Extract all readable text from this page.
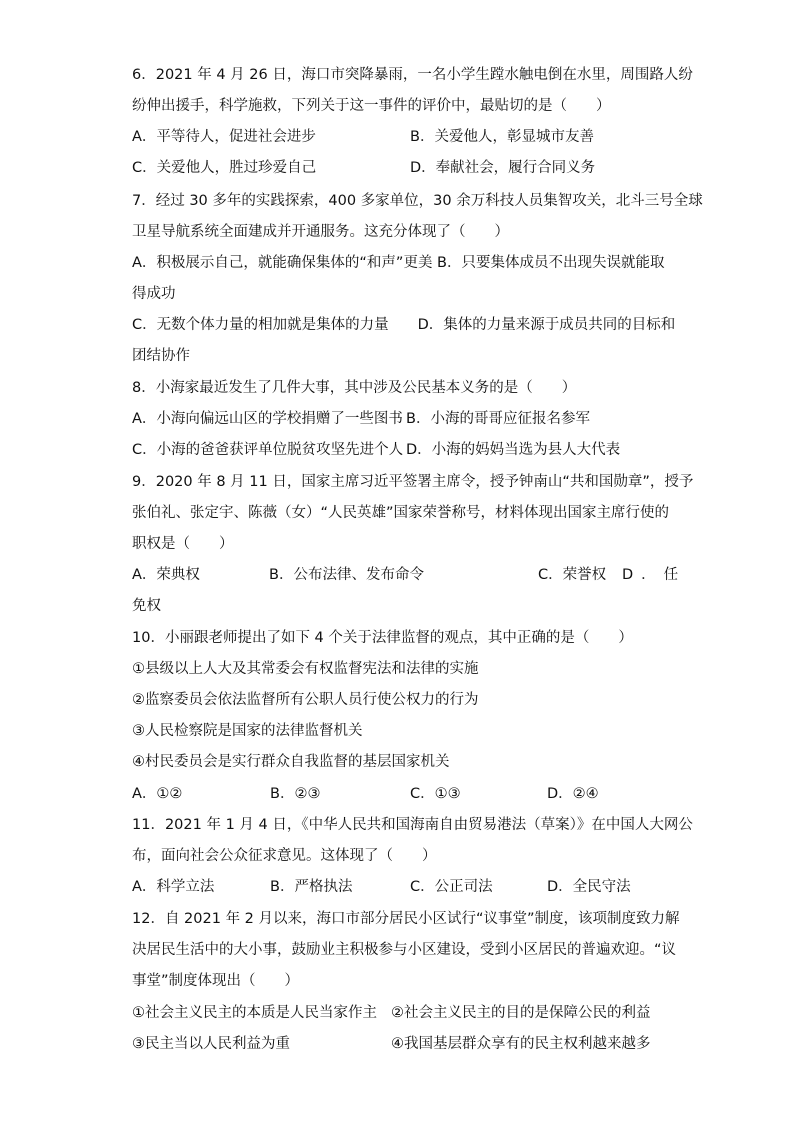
6．2021 年 4 月 26 日，海口市突降暴雨，一名小学生蹚水触电倒在水里，周围路人纷
纷伸出援手，科学施救，下列关于这一事件的评价中，最贴切的是（　　）
A．平等待人，促进社会进步	B．关爱他人，彰显城市友善
C．关爱他人，胜过珍爱自己	D．奉献社会，履行合同义务
7．经过 30 多年的实践探索，400 多家单位，30 余万科技人员集智攻关，北斗三号全球
卫星导航系统全面建成并开通服务。这充分体现了（　　）
A．积极展示自己，就能确保集体的“和声”更美 B．只要集体成员不出现失误就能取
得成功
C．无数个体力量的相加就是集体的力量　　D．集体的力量来源于成员共同的目标和
团结协作
8．小海家最近发生了几件大事，其中涉及公民基本义务的是（　　）
A．小海向偏远山区的学校捐赠了一些图书 B．小海的哥哥应征报名参军
C．小海的爸爸获评单位脱贫攻坚先进个人 D．小海的妈妈当选为县人大代表
9．2020 年 8 月 11 日，国家主席习近平签署主席令，授予钟南山“共和国勋章”，授予
张伯礼、张定宇、陈薇（女）“人民英雄”国家荣誉称号，材料体现出国家主席行使的
职权是（　　）
A．荣典权	B．公布法律、发布命令	C．荣誉权 D．任
免权
10．小丽跟老师提出了如下 4 个关于法律监督的观点，其中正确的是（　　）
①县级以上人大及其常委会有权监督宪法和法律的实施
②监察委员会依法监督所有公职人员行使公权力的行为
③人民检察院是国家的法律监督机关
④村民委员会是实行群众自我监督的基层国家机关
A．①②	B．②③	C．①③	D．②④
11．2021 年 1 月 4 日，《中华人民共和国海南自由贸易港法（草案）》在中国人大网公
布，面向社会公众征求意见。这体现了（　　）
A．科学立法	B．严格执法	C．公正司法	D．全民守法
12．自 2021 年 2 月以来，海口市部分居民小区试行“议事堂”制度，该项制度致力解
决居民生活中的大小事，鼓励业主积极参与小区建设，受到小区居民的普遍欢迎。“议
事堂”制度体现出（　　）
①社会主义民主的本质是人民当家作主 ②社会主义民主的目的是保障公民的利益
③民主当以人民利益为重	④我国基层群众享有的民主权利越来越多
